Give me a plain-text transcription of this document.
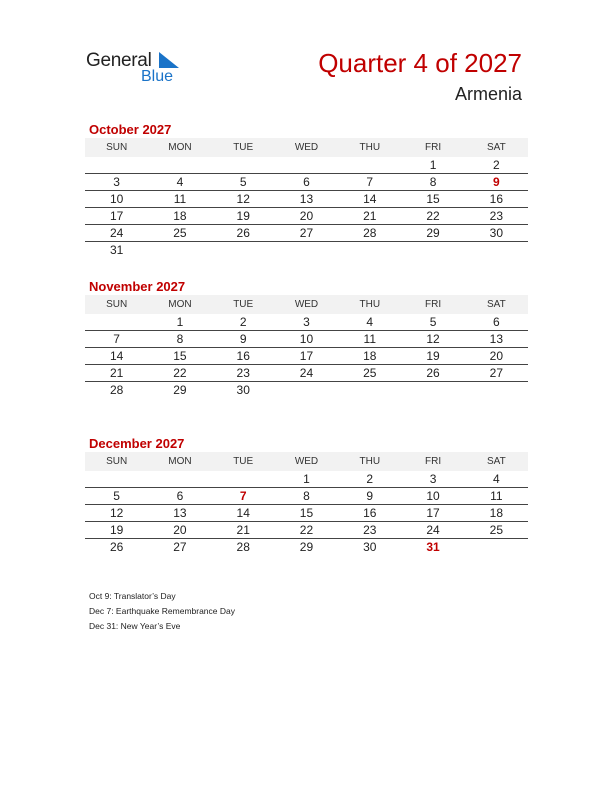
General
Blue	Quarter 4 of 2027
Armenia
October 2027
SUN	MON	TUE	WED	THU	FRI	SAT
					1	2
3	4	5	6	7	8	9
10	11	12	13	14	15	16
17	18	19	20	21	22	23
24	25	26	27	28	29	30
31						
November 2027
SUN	MON	TUE	WED	THU	FRI	SAT
	1	2	3	4	5	6
7	8	9	10	11	12	13
14	15	16	17	18	19	20
21	22	23	24	25	26	27
28	29	30				
December 2027
SUN	MON	TUE	WED	THU	FRI	SAT
			1	2	3	4
5	6	7	8	9	10	11
12	13	14	15	16	17	18
19	20	21	22	23	24	25
26	27	28	29	30	31	
Oct 9: Translator’s Day
Dec 7: Earthquake Remembrance Day
Dec 31: New Year’s Eve
